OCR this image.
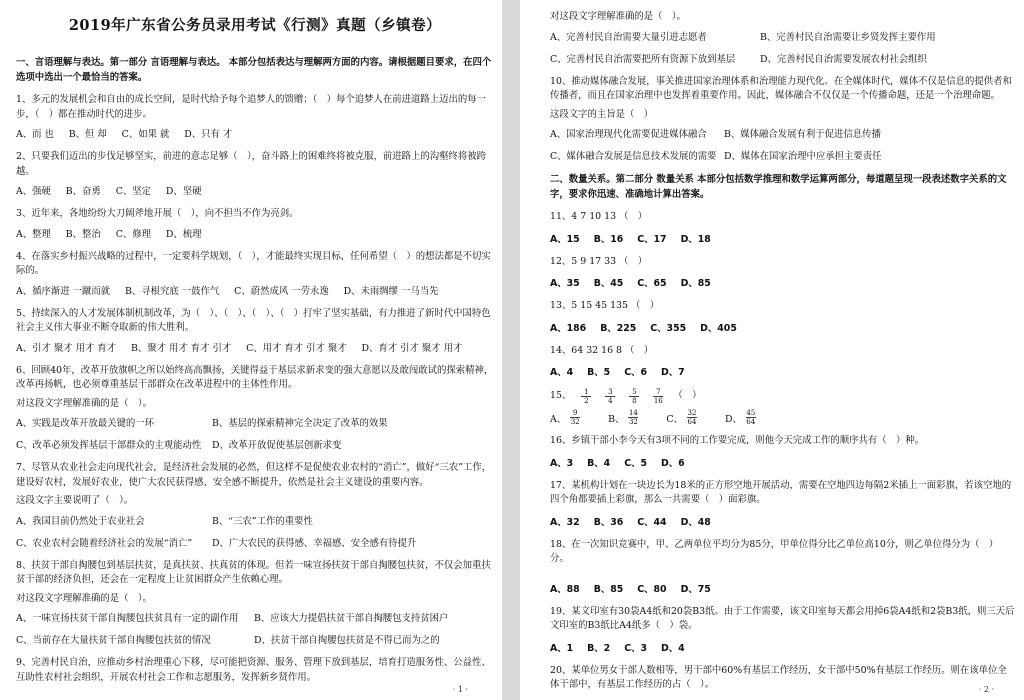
2019年广东省公务员录用考试《行测》真题（乡镇卷）
一、言语理解与表达。第一部分 言语理解与表达。 本部分包括表达与理解两方面的内容。请根据题目要求，在四个选项中选出一个最恰当的答案。
1、多元的发展机会和自由的成长空间，是时代给予每个追梦人的馈赠；（　）每个追梦人在前进道路上迈出的每一步，（　）都在推动时代的进步。
A、而 也     B、但 却     C、如果 就     D、只有 才
2、只要我们迈出的步伐足够坚实，前进的意志足够（　），奋斗路上的困难终将被克服，前进路上的沟壑终将被跨越。
A、强硬     B、奋勇     C、坚定     D、坚硬
3、近年来，各地纷纷大刀阔斧地开展（　），向不担当不作为亮剑。
A、整理     B、整治     C、修理     D、梳理
4、在落实乡村振兴战略的过程中，一定要科学规划，（　），才能最终实现目标，任何希望（　）的想法都是不切实际的。
A、循序渐进 一蹴而就     B、寻根究底 一鼓作气     C、蔚然成风 一劳永逸     D、未雨绸缪 一马当先
5、持续深入的人才发展体制机制改革，为（　）、（　）、（　）、（　）打牢了坚实基础，有力推进了新时代中国特色社会主义伟大事业不断夺取新的伟大胜利。
A、引才 聚才 用才 育才     B、聚才 用才 育才 引才     C、用才 育才 引才 聚才     D、育才 引才 聚才 用才
6、回顾40年，改革开放旗帜之所以始终高高飘扬，关键得益于基层求新求变的强大意愿以及敢闯敢试的探索精神，改革再扬帆，也必须尊重基层干部群众在改革进程中的主体性作用。
对这段文字理解准确的是（　）。
A、实践是改革开放最关键的一环	B、基层的探索精神完全决定了改革的效果
C、改革必须发挥基层干部群众的主观能动性	D、改革开放促使基层创新求变
7、尽管从农业社会走向现代社会，是经济社会发展的必然，但这样不是促使农业农村的“消亡”，做好“三农”工作，建设好农村，发展好农业，使广大农民获得感、安全感不断提升，依然是社会主义建设的重要内容。
这段文字主要说明了（　）。
A、我国目前仍然处于农业社会	B、“三农”工作的重要性
C、农业农村会随着经济社会的发展“消亡”	D、广大农民的获得感、幸福感、安全感有待提升
8、扶贫干部自掏腰包到基层扶贫，是真扶贫、扶真贫的体现。但若一味宣扬扶贫干部自掏腰包扶贫，不仅会加重扶贫干部的经济负担，还会在一定程度上让贫困群众产生依赖心理。
对这段文字理解准确的是（　）。
A、一味宣扬扶贫干部自掏腰包扶贫具有一定的副作用	B、应该大力提倡扶贫干部自掏腰包支持贫困户
C、当前存在大量扶贫干部自掏腰包扶贫的情况	D、扶贫干部自掏腰包扶贫是不得已而为之的
9、完善村民自治，应推动乡村治理重心下移，尽可能把资源、服务、管理下放到基层，培育打造服务性、公益性、互助性农村社会组织，开展农村社会工作和志愿服务，发挥新乡贤作用。
· 1 ·
对这段文字理解准确的是（　）。
A、完善村民自治需要大量引进志愿者	B、完善村民自治需要让乡贤发挥主要作用
C、完善村民自治需要把所有资源下放到基层	D、完善村民自治需要发展农村社会组织
10、推动媒体融合发展，事关推进国家治理体系和治理能力现代化。在全媒体时代，媒体不仅是信息的提供者和传播者，而且在国家治理中也发挥着重要作用。因此，媒体融合不仅仅是一个传播命题，还是一个治理命题。
这段文字的主旨是（　）
A、国家治理现代化需要促进媒体融合	B、媒体融合发展有利于促进信息传播
C、媒体融合发展是信息技术发展的需要 D、媒体在国家治理中应承担主要责任
二、数量关系。第二部分 数量关系 本部分包括数学推理和数学运算两部分，每道题呈现一段表述数字关系的文字，要求你迅速、准确地计算出答案。
11、4 7 10 13 （　）
A、15 B、16 C、17 D、18
12、5 9 17 33 （　）
A、35 B、45 C、65 D、85
13、5 15 45 135 （　）
A、186 B、225 C、355 D、405
14、64 32 16 8 （　）
A、4 B、5 C、6 D、7
15、 $\frac{1}{2} \frac{3}{4} \frac{5}{8} \frac{7}{16}$ （　）
A、 $\frac{9}{32}$	B、 $\frac{14}{32}$	C、 $\frac{32}{64}$	D、 $\frac{45}{64}$
16、乡镇干部小李今天有3项不同的工作要完成，则他今天完成工作的顺序共有（　）种。
A、3 B、4 C、5 D、6
17、某机构计划在一块边长为18米的正方形空地开展活动，需要在空地四边每隔2米插上一面彩旗，若该空地的四个角都要插上彩旗，那么一共需要（　）面彩旗。
A、32 B、36 C、44 D、48
18、在一次知识竞赛中，甲、乙两单位平均分为85分，甲单位得分比乙单位高10分，则乙单位得分为（　）分。
A、88 B、85 C、80 D、75
19、某文印室有30袋A4纸和20袋B3纸。由于工作需要，该文印室每天都会用掉6袋A4纸和2袋B3纸，则三天后文印室的B3纸比A4纸多（　）袋。
A、1 B、2 C、3 D、4
20、某单位男女干部人数相等，男干部中60%有基层工作经历，女干部中50%有基层工作经历。则在该单位全体干部中，有基层工作经历的占（　）。	· 2 ·
